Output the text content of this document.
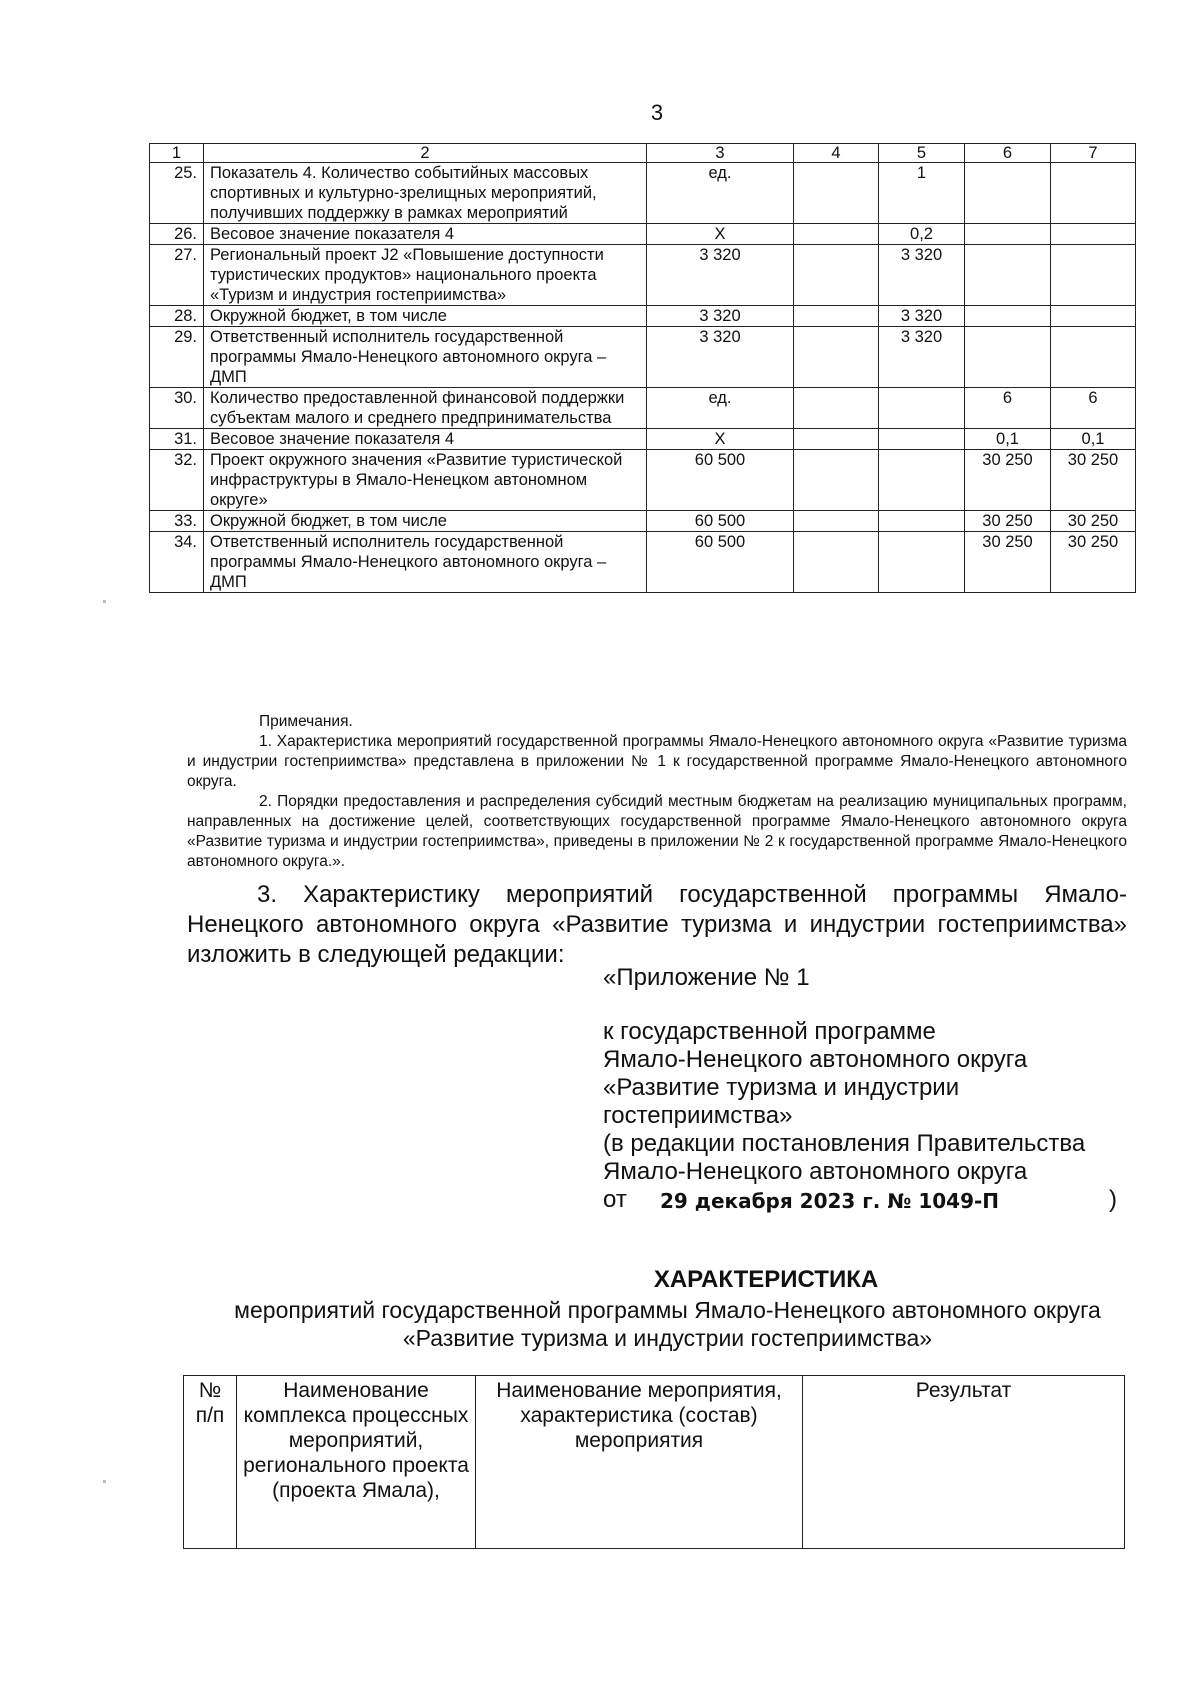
3
1	2	3	4	5	6	7
25.	Показатель 4. Количество событийных массовых спортивных и культурно-зрелищных мероприятий, получивших поддержку в рамках мероприятий	ед.		1		
26.	Весовое значение показателя 4	X		0,2		
27.	Региональный проект J2 «Повышение доступности туристических продуктов» национального проекта «Туризм и индустрия гостеприимства»	3 320		3 320		
28.	Окружной бюджет, в том числе	3 320		3 320		
29.	Ответственный исполнитель государственной программы Ямало-Ненецкого автономного округа – ДМП	3 320		3 320		
30.	Количество предоставленной финансовой поддержки субъектам малого и среднего предпринимательства	ед.			6	6
31.	Весовое значение показателя 4	X			0,1	0,1
32.	Проект окружного значения «Развитие туристической инфраструктуры в Ямало-Ненецком автономном округе»	60 500			30 250	30 250
33.	Окружной бюджет, в том числе	60 500			30 250	30 250
34.	Ответственный исполнитель государственной программы Ямало-Ненецкого автономного округа – ДМП	60 500			30 250	30 250

Примечания.

1. Характеристика мероприятий государственной программы Ямало-Ненецкого автономного округа «Развитие туризма и индустрии гостеприимства» представлена в приложении № 1 к государственной программе Ямало-Ненецкого автономного округа.

2. Порядки предоставления и распределения субсидий местным бюджетам на реализацию муниципальных программ, направленных на достижение целей, соответствующих государственной программе Ямало-Ненецкого автономного округа «Развитие туризма и индустрии гостеприимства», приведены в приложении № 2 к государственной программе Ямало-Ненецкого автономного округа.».

3. Характеристику мероприятий государственной программы Ямало-Ненецкого автономного округа «Развитие туризма и индустрии гостеприимства» изложить в следующей редакции:
«Приложение № 1
к государственной программе
Ямало-Ненецкого автономного округа
«Развитие туризма и индустрии
гостеприимства»
(в редакции постановления Правительства
Ямало-Ненецкого автономного округа
от 29 декабря 2023 г. № 1049-П	)
ХАРАКТЕРИСТИКА
мероприятий государственной программы Ямало-Ненецкого автономного округа «Развитие туризма и индустрии гостеприимства»
№ п/п	Наименование комплекса процессных мероприятий, регионального проекта (проекта Ямала),	Наименование мероприятия, характеристика (состав) мероприятия	Результат
